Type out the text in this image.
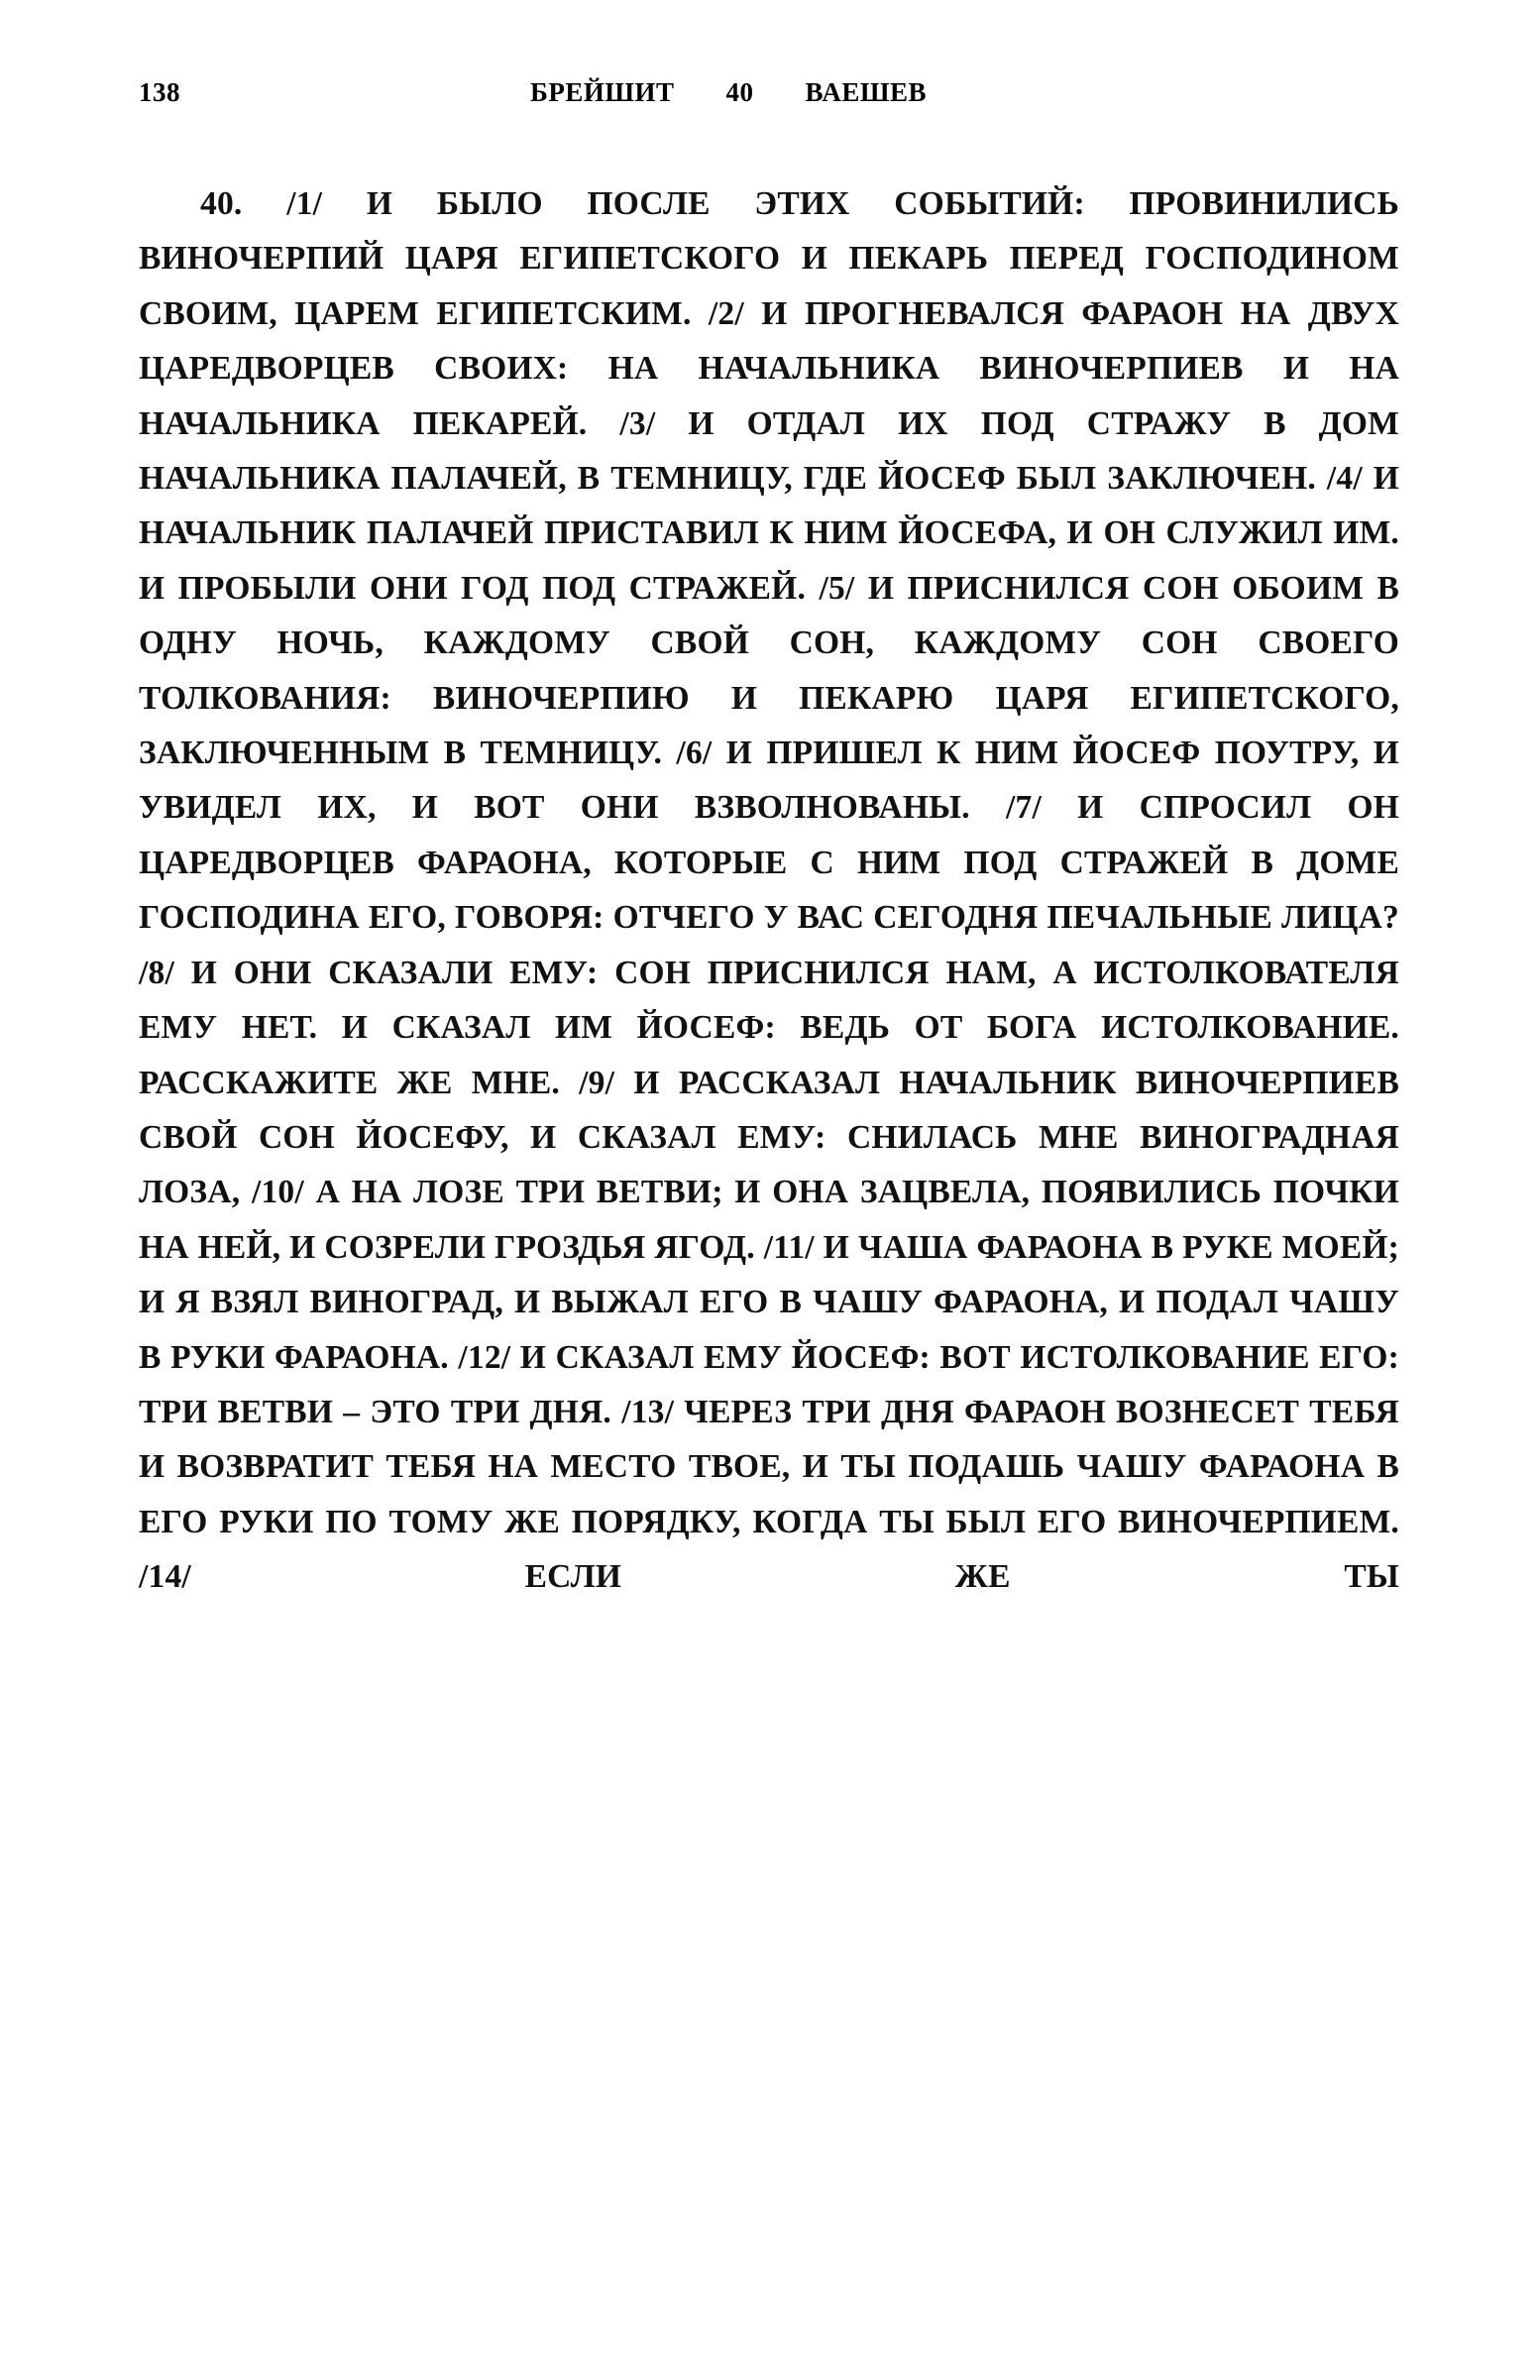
138	БРЕЙШИТ 40 ВАЕШЕВ

40. /1/ И БЫЛО ПОСЛЕ ЭТИХ СОБЫТИЙ: ПРОВИНИЛИСЬ ВИНОЧЕРПИЙ ЦАРЯ ЕГИПЕТСКОГО И ПЕКАРЬ ПЕРЕД ГОСПОДИНОМ СВОИМ, ЦАРЕМ ЕГИПЕТСКИМ. /2/ И ПРОГНЕВАЛСЯ ФАРАОН НА ДВУХ ЦАРЕДВОРЦЕВ СВОИХ: НА НАЧАЛЬНИКА ВИНОЧЕРПИЕВ И НА НАЧАЛЬНИКА ПЕКАРЕЙ. /3/ И ОТДАЛ ИХ ПОД СТРАЖУ В ДОМ НАЧАЛЬНИКА ПАЛАЧЕЙ, В ТЕМНИЦУ, ГДЕ ЙОСЕФ БЫЛ ЗАКЛЮЧЕН. /4/ И НАЧАЛЬНИК ПАЛАЧЕЙ ПРИСТАВИЛ К НИМ ЙОСЕФА, И ОН СЛУЖИЛ ИМ. И ПРОБЫЛИ ОНИ ГОД ПОД СТРАЖЕЙ. /5/ И ПРИСНИЛСЯ СОН ОБОИМ В ОДНУ НОЧЬ, КАЖДОМУ СВОЙ СОН, КАЖДОМУ СОН СВОЕГО ТОЛКОВАНИЯ: ВИНОЧЕРПИЮ И ПЕКАРЮ ЦАРЯ ЕГИПЕТСКОГО, ЗАКЛЮЧЕННЫМ В ТЕМНИЦУ. /6/ И ПРИШЕЛ К НИМ ЙОСЕФ ПОУТРУ, И УВИДЕЛ ИХ, И ВОТ ОНИ ВЗВОЛНОВАНЫ. /7/ И СПРОСИЛ ОН ЦАРЕДВОРЦЕВ ФАРАОНА, КОТОРЫЕ С НИМ ПОД СТРАЖЕЙ В ДОМЕ ГОСПОДИНА ЕГО, ГОВОРЯ: ОТЧЕГО У ВАС СЕГОДНЯ ПЕЧАЛЬНЫЕ ЛИЦА? /8/ И ОНИ СКАЗАЛИ ЕМУ: СОН ПРИСНИЛСЯ НАМ, А ИСТОЛКОВАТЕЛЯ ЕМУ НЕТ. И СКАЗАЛ ИМ ЙОСЕФ: ВЕДЬ ОТ БОГА ИСТОЛКОВАНИЕ. РАССКАЖИТЕ ЖЕ МНЕ. /9/ И РАССКАЗАЛ НАЧАЛЬНИК ВИНОЧЕРПИЕВ СВОЙ СОН ЙОСЕФУ, И СКАЗАЛ ЕМУ: СНИЛАСЬ МНЕ ВИНОГРАДНАЯ ЛОЗА, /10/ А НА ЛОЗЕ ТРИ ВЕТВИ; И ОНА ЗАЦВЕЛА, ПОЯВИЛИСЬ ПОЧКИ НА НЕЙ, И СОЗРЕЛИ ГРОЗДЬЯ ЯГОД. /11/ И ЧАША ФАРАОНА В РУКЕ МОЕЙ; И Я ВЗЯЛ ВИНОГРАД, И ВЫЖАЛ ЕГО В ЧАШУ ФАРАОНА, И ПОДАЛ ЧАШУ В РУКИ ФАРАОНА. /12/ И СКАЗАЛ ЕМУ ЙОСЕФ: ВОТ ИСТОЛКОВАНИЕ ЕГО: ТРИ ВЕТВИ – ЭТО ТРИ ДНЯ. /13/ ЧЕРЕЗ ТРИ ДНЯ ФАРАОН ВОЗНЕСЕТ ТЕБЯ И ВОЗВРАТИТ ТЕБЯ НА МЕСТО ТВОЕ, И ТЫ ПОДАШЬ ЧАШУ ФАРАОНА В ЕГО РУКИ ПО ТОМУ ЖЕ ПОРЯДКУ, КОГДА ТЫ БЫЛ ЕГО ВИНОЧЕРПИЕМ. /14/ ЕСЛИ ЖЕ ТЫ
